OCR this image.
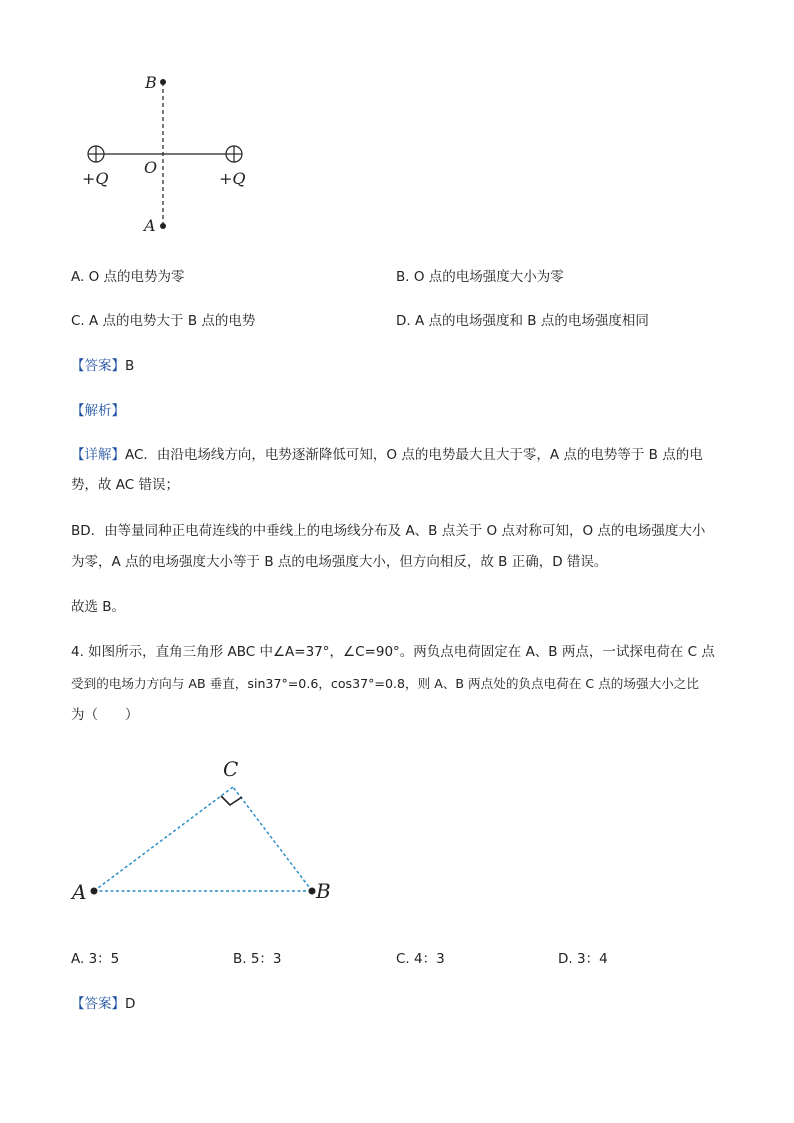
B
A
O
+Q	+Q
A. O 点的电势为零	B. O 点的电场强度大小为零
C. A 点的电势大于 B 点的电势	D. A 点的电场强度和 B 点的电场强度相同
【答案】B
【解析】
【详解】AC．由沿电场线方向，电势逐渐降低可知，O 点的电势最大且大于零，A 点的电势等于 B 点的电
势，故 AC 错误；
BD．由等量同种正电荷连线的中垂线上的电场线分布及 A、B 点关于 O 点对称可知，O 点的电场强度大小
为零，A 点的电场强度大小等于 B 点的电场强度大小，但方向相反，故 B 正确，D 错误。
故选 B。
4. 如图所示，直角三角形 ABC 中∠A=37°，∠C=90°。两负点电荷固定在 A、B 两点，一试探电荷在 C 点
受到的电场力方向与 AB 垂直，sin37°=0.6，cos37°=0.8，则 A、B 两点处的负点电荷在 C 点的场强大小之比
为（　　）
A	B
C
A. 3：5	B. 5：3	C. 4：3	D. 3：4
【答案】D
